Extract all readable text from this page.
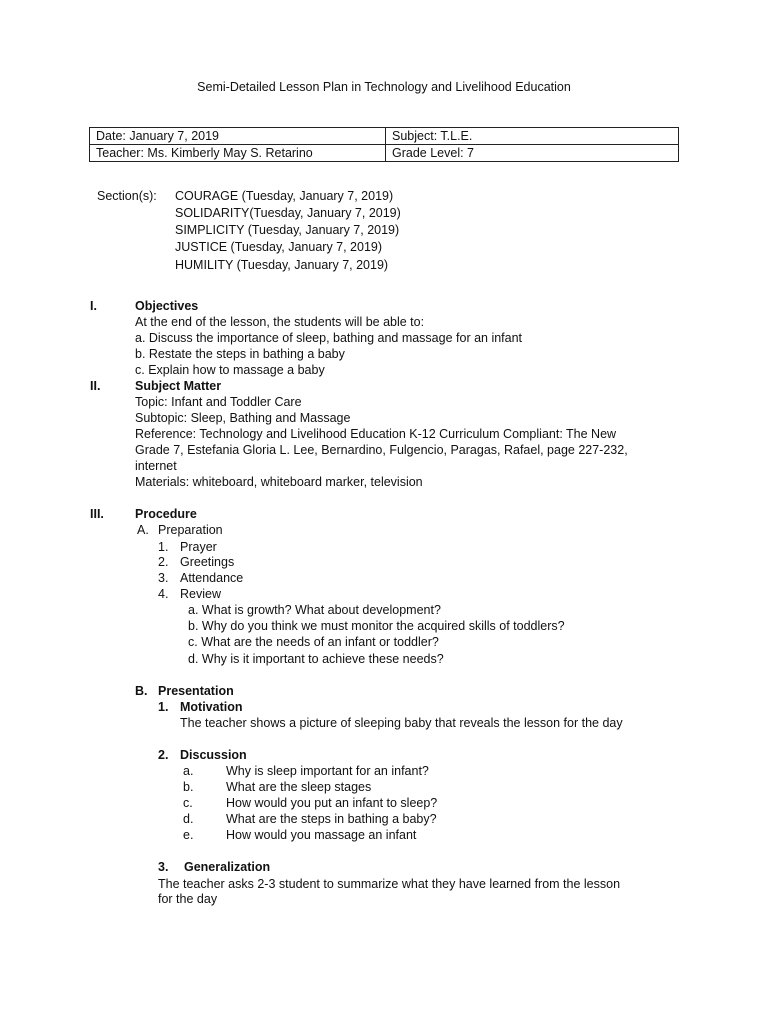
Semi-Detailed Lesson Plan in Technology and Livelihood Education
Date: January 7, 2019	Subject: T.L.E.
Teacher: Ms. Kimberly May S. Retarino	Grade Level: 7
Section(s): COURAGE (Tuesday, January 7, 2019)
SOLIDARITY(Tuesday, January 7, 2019)
SIMPLICITY (Tuesday, January 7, 2019)
JUSTICE (Tuesday, January 7, 2019)
HUMILITY (Tuesday, January 7, 2019)
I.	Objectives
At the end of the lesson, the students will be able to:
a. Discuss the importance of sleep, bathing and massage for an infant
b. Restate the steps in bathing a baby
c. Explain how to massage a baby
II.	Subject Matter
Topic: Infant and Toddler Care
Subtopic: Sleep, Bathing and Massage
Reference: Technology and Livelihood Education K-12 Curriculum Compliant: The New
Grade 7, Estefania Gloria L. Lee, Bernardino, Fulgencio, Paragas, Rafael, page 227-232,
internet
Materials: whiteboard, whiteboard marker, television
III. Procedure
A. Preparation
1. Prayer
2. Greetings
3. Attendance
4. Review
a. What is growth? What about development?
b. Why do you think we must monitor the acquired skills of toddlers?
c. What are the needs of an infant or toddler?
d. Why is it important to achieve these needs?
B. Presentation
1. Motivation
The teacher shows a picture of sleeping baby that reveals the lesson for the day
2. Discussion
a.	Why is sleep important for an infant?
b.	What are the sleep stages
c.	How would you put an infant to sleep?
d.	What are the steps in bathing a baby?
e.	How would you massage an infant
3. Generalization
The teacher asks 2-3 student to summarize what they have learned from the lesson
for the day
